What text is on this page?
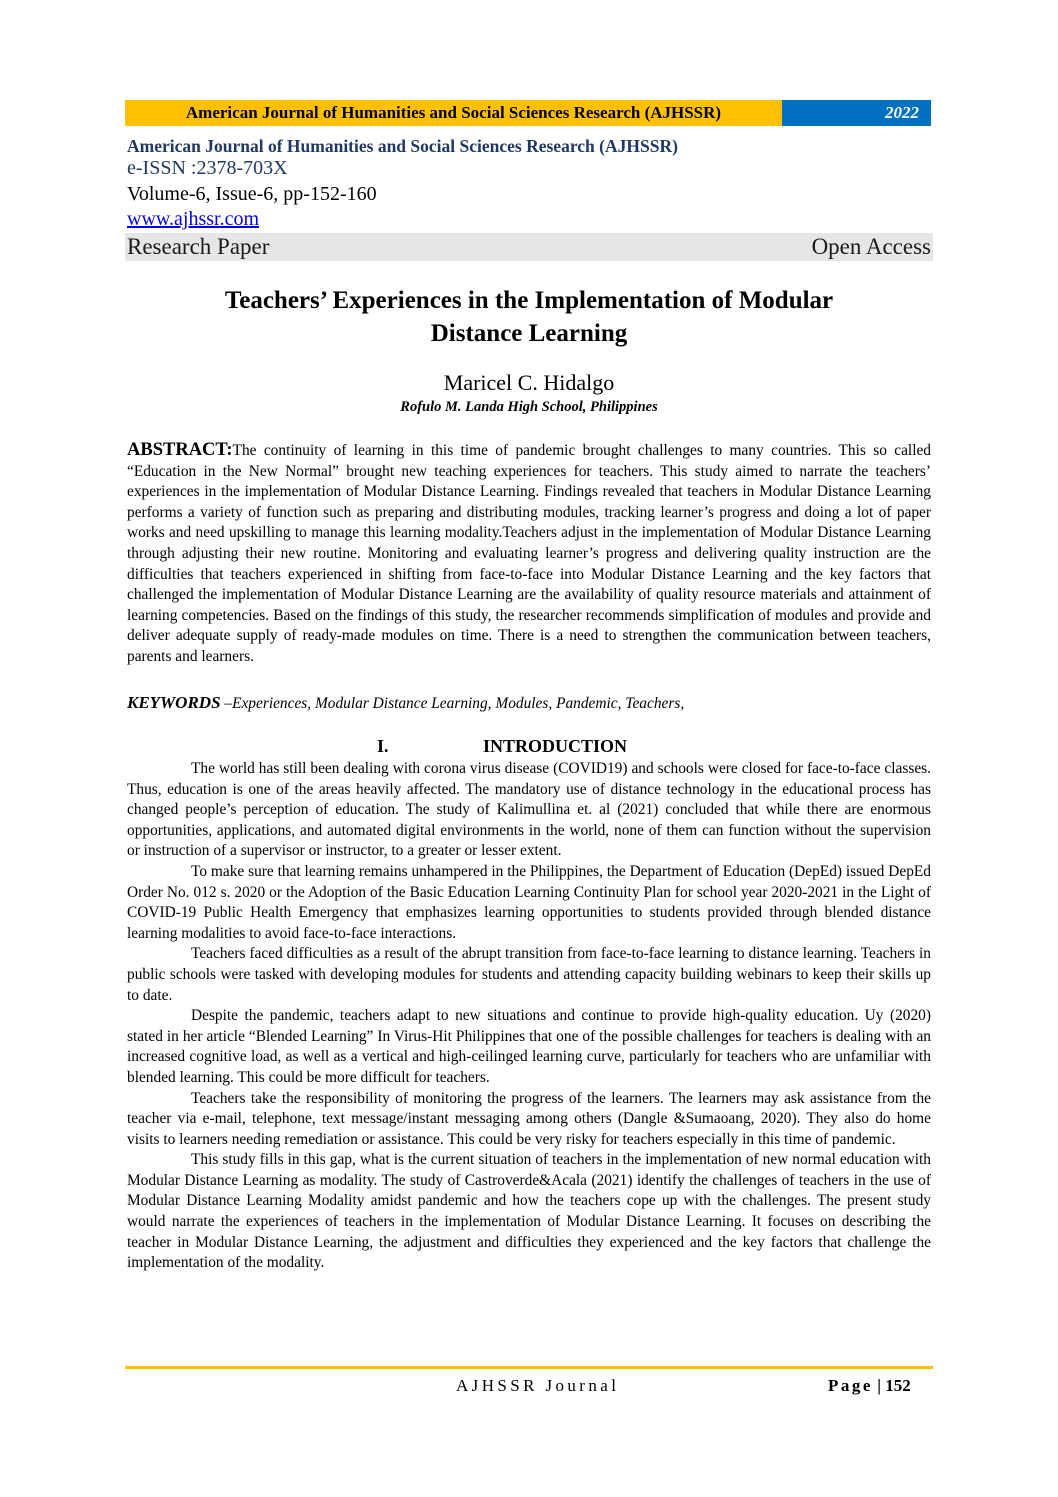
American Journal of Humanities and Social Sciences Research (AJHSSR)	2022
American Journal of Humanities and Social Sciences Research (AJHSSR)
e-ISSN :2378-703X
Volume-6, Issue-6, pp-152-160
www.ajhssr.com
Research Paper	Open Access
Teachers’ Experiences in the Implementation of Modular
Distance Learning
Maricel C. Hidalgo
Rofulo M. Landa High School, Philippines
ABSTRACT:The continuity of learning in this time of pandemic brought challenges to many countries. This so called “Education in the New Normal” brought new teaching experiences for teachers. This study aimed to narrate the teachers’ experiences in the implementation of Modular Distance Learning. Findings revealed that teachers in Modular Distance Learning performs a variety of function such as preparing and distributing modules, tracking learner’s progress and doing a lot of paper works and need upskilling to manage this learning modality.Teachers adjust in the implementation of Modular Distance Learning through adjusting their new routine. Monitoring and evaluating learner’s progress and delivering quality instruction are the difficulties that teachers experienced in shifting from face-to-face into Modular Distance Learning and the key factors that challenged the implementation of Modular Distance Learning are the availability of quality resource materials and attainment of learning competencies. Based on the findings of this study, the researcher recommends simplification of modules and provide and deliver adequate supply of ready-made modules on time. There is a need to strengthen the communication between teachers, parents and learners.
KEYWORDS –Experiences, Modular Distance Learning, Modules, Pandemic, Teachers,
I.	INTRODUCTION

The world has still been dealing with corona virus disease (COVID19) and schools were closed for face-to-face classes. Thus, education is one of the areas heavily affected. The mandatory use of distance technology in the educational process has changed people’s perception of education. The study of Kalimullina et. al (2021) concluded that while there are enormous opportunities, applications, and automated digital environments in the world, none of them can function without the supervision or instruction of a supervisor or instructor, to a greater or lesser extent.

To make sure that learning remains unhampered in the Philippines, the Department of Education (DepEd) issued DepEd Order No. 012 s. 2020 or the Adoption of the Basic Education Learning Continuity Plan for school year 2020-2021 in the Light of COVID-19 Public Health Emergency that emphasizes learning opportunities to students provided through blended distance learning modalities to avoid face-to-face interactions.

Teachers faced difficulties as a result of the abrupt transition from face-to-face learning to distance learning. Teachers in public schools were tasked with developing modules for students and attending capacity building webinars to keep their skills up to date.

Despite the pandemic, teachers adapt to new situations and continue to provide high-quality education. Uy (2020) stated in her article “Blended Learning” In Virus-Hit Philippines that one of the possible challenges for teachers is dealing with an increased cognitive load, as well as a vertical and high-ceilinged learning curve, particularly for teachers who are unfamiliar with blended learning. This could be more difficult for teachers.

Teachers take the responsibility of monitoring the progress of the learners. The learners may ask assistance from the teacher via e-mail, telephone, text message/instant messaging among others (Dangle &Sumaoang, 2020). They also do home visits to learners needing remediation or assistance. This could be very risky for teachers especially in this time of pandemic.

This study fills in this gap, what is the current situation of teachers in the implementation of new normal education with Modular Distance Learning as modality. The study of Castroverde&Acala (2021) identify the challenges of teachers in the use of Modular Distance Learning Modality amidst pandemic and how the teachers cope up with the challenges. The present study would narrate the experiences of teachers in the implementation of Modular Distance Learning. It focuses on describing the teacher in Modular Distance Learning, the adjustment and difficulties they experienced and the key factors that challenge the implementation of the modality.

AJHSSR Journal	Page | 152
